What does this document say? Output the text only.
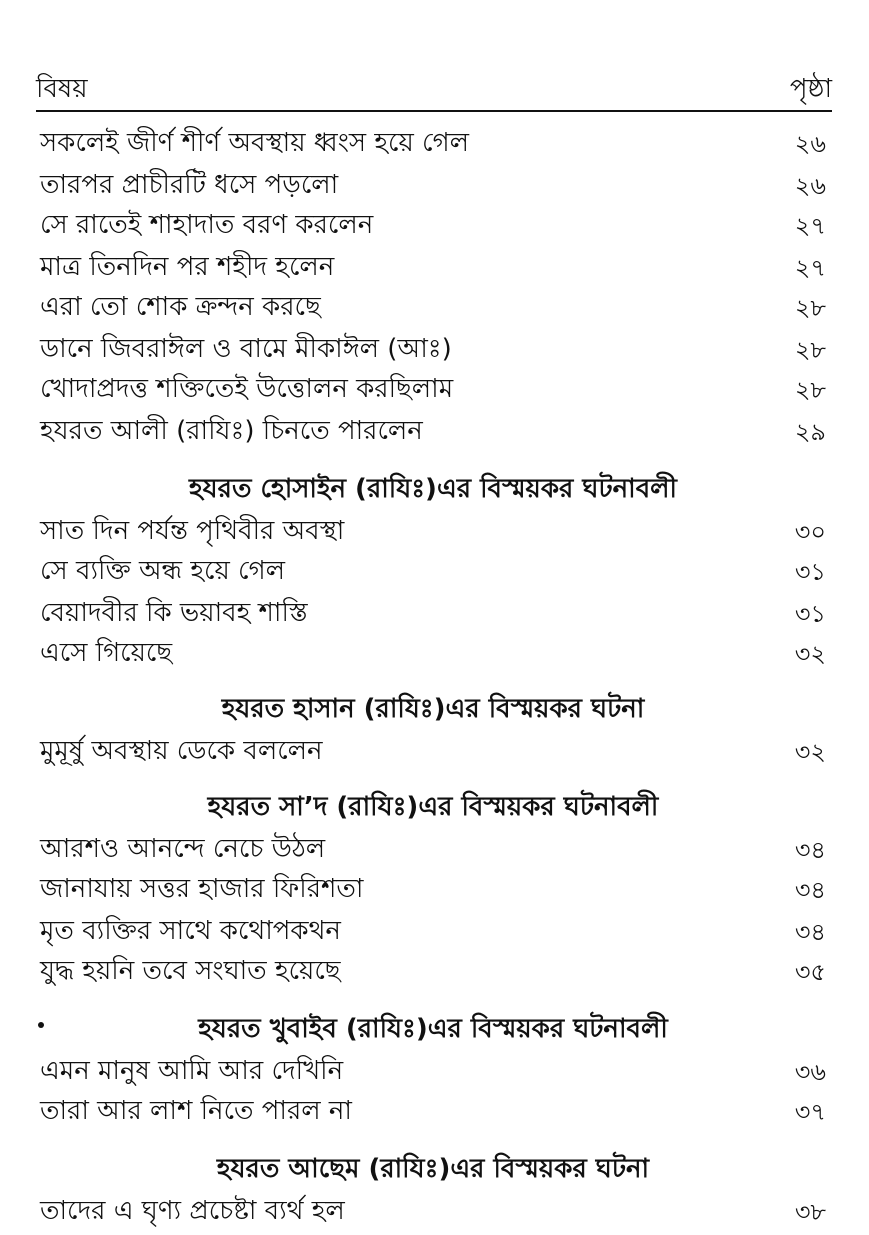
বিষয়	পৃষ্ঠা
সকলেই জীর্ণ শীর্ণ অবস্থায় ধ্বংস হয়ে গেল	২৬
তারপর প্রাচীরটি ধসে পড়লো	২৬
সে রাতেই শাহাদাত বরণ করলেন	২৭
মাত্র তিনদিন পর শহীদ হলেন	২৭
এরা তো শোক ক্রন্দন করছে	২৮
ডানে জিবরাঈল ও বামে মীকাঈল (আঃ)	২৮
খোদাপ্রদত্ত শক্তিতেই উত্তোলন করছিলাম	২৮
হযরত আলী (রাযিঃ) চিনতে পারলেন	২৯
হযরত হোসাইন (রাযিঃ)এর বিস্ময়কর ঘটনাবলী
সাত দিন পর্যন্ত পৃথিবীর অবস্থা	৩০
সে ব্যক্তি অন্ধ হয়ে গেল	৩১
বেয়াদবীর কি ভয়াবহ শাস্তি	৩১
এসে গিয়েছে	৩২
হযরত হাসান (রাযিঃ)এর বিস্ময়কর ঘটনা
মুমূর্ষু অবস্থায় ডেকে বললেন	৩২
হযরত সা’দ (রাযিঃ)এর বিস্ময়কর ঘটনাবলী
আরশও আনন্দে নেচে উঠল	৩৪
জানাযায় সত্তর হাজার ফিরিশতা	৩৪
মৃত ব্যক্তির সাথে কথোপকথন	৩৪
যুদ্ধ হয়নি তবে সংঘাত হয়েছে	৩৫
হযরত খুবাইব (রাযিঃ)এর বিস্ময়কর ঘটনাবলী
এমন মানুষ আমি আর দেখিনি	৩৬
তারা আর লাশ নিতে পারল না	৩৭
হযরত আছেম (রাযিঃ)এর বিস্ময়কর ঘটনা
তাদের এ ঘৃণ্য প্রচেষ্টা ব্যর্থ হল	৩৮
